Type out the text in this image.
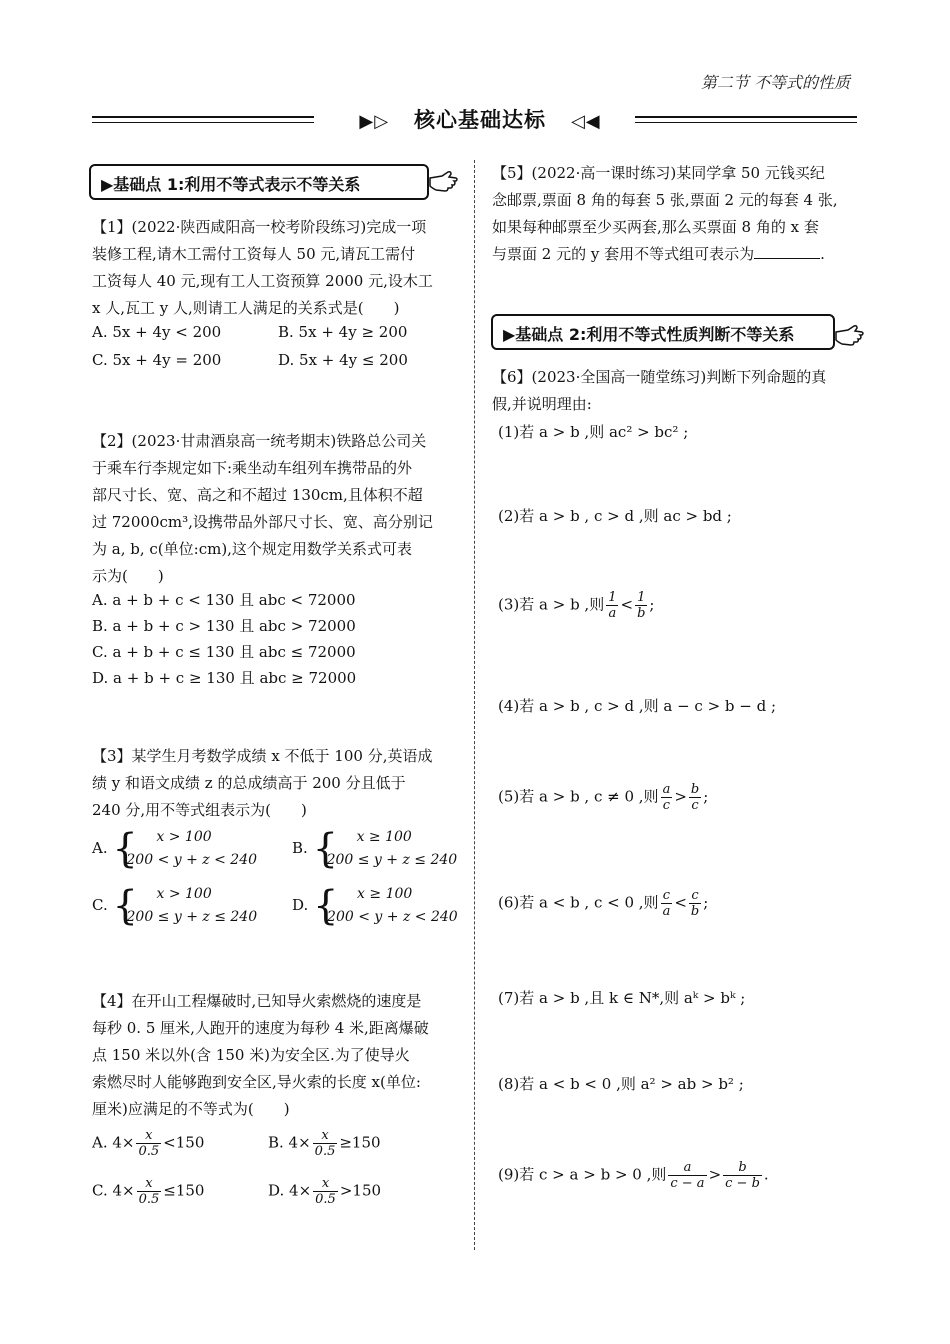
第二节 不等式的性质
▶▷ 核心基础达标 ◁◀
▶基础点 1:利用不等式表示不等关系
【1】(2022·陕西咸阳高一校考阶段练习)完成一项
装修工程,请木工需付工资每人 50 元,请瓦工需付
工资每人 40 元,现有工人工资预算 2000 元,设木工
x 人,瓦工 y 人,则请工人满足的关系式是(　　)
A. 5x + 4y < 200	B. 5x + 4y ≥ 200
C. 5x + 4y = 200	D. 5x + 4y ≤ 200
【2】(2023·甘肃酒泉高一统考期末)铁路总公司关
于乘车行李规定如下:乘坐动车组列车携带品的外
部尺寸长、宽、高之和不超过 130cm,且体积不超
过 72000cm³,设携带品外部尺寸长、宽、高分别记
为 a, b, c(单位:cm),这个规定用数学关系式可表
示为(　　)
A. a + b + c < 130 且 abc < 72000
B. a + b + c > 130 且 abc > 72000
C. a + b + c ≤ 130 且 abc ≤ 72000
D. a + b + c ≥ 130 且 abc ≥ 72000
【3】某学生月考数学成绩 x 不低于 100 分,英语成
绩 y 和语文成绩 z 的总成绩高于 200 分且低于
240 分,用不等式组表示为(　　)
A. {	x > 100
200 < y + z < 240
B. {	x ≥ 100
200 ≤ y + z ≤ 240
C. {	x > 100
200 ≤ y + z ≤ 240
D. {	x ≥ 100
200 < y + z < 240
【4】在开山工程爆破时,已知导火索燃烧的速度是
每秒 0. 5 厘米,人跑开的速度为每秒 4 米,距离爆破
点 150 米以外(含 150 米)为安全区.为了使导火
索燃尽时人能够跑到安全区,导火索的长度 x(单位:
厘米)应满足的不等式为(　　)
A. $4\times \frac{x}{0.5} <150$	B. $4\times \frac{x}{0.5} \ge 150$
C. $4\times \frac{x}{0.5} \le 150$	D. $4\times \frac{x}{0.5} >150$
【5】(2022·高一课时练习)某同学拿 50 元钱买纪
念邮票,票面 8 角的每套 5 张,票面 2 元的每套 4 张,
如果每种邮票至少买两套,那么买票面 8 角的 x 套
与票面 2 元的 y 套用不等式组可表示为	.
▶基础点 2:利用不等式性质判断不等关系
【6】(2023·全国高一随堂练习)判断下列命题的真
假,并说明理由:
(1)若 a > b ,则 ac² > bc² ;
(2)若 a > b , c > d ,则 ac > bd ;
(3)若 a > b ,则 $\frac{1}{a} < \frac{1}{b}$ ;
(4)若 a > b , c > d ,则 a − c > b − d ;
(5)若 a > b , c ≠ 0 ,则 $\frac{a}{c} > \frac{b}{c}$ ;
(6)若 a < b , c < 0 ,则 $\frac{c}{a} < \frac{c}{b}$ ;
(7)若 a > b ,且 k ∈ N*,则 aᵏ > bᵏ ;
(8)若 a < b < 0 ,则 a² > ab > b² ;
(9)若 c > a > b > 0 ,则 $\frac{a}{c - a} > \frac{b}{c - b}$ .
